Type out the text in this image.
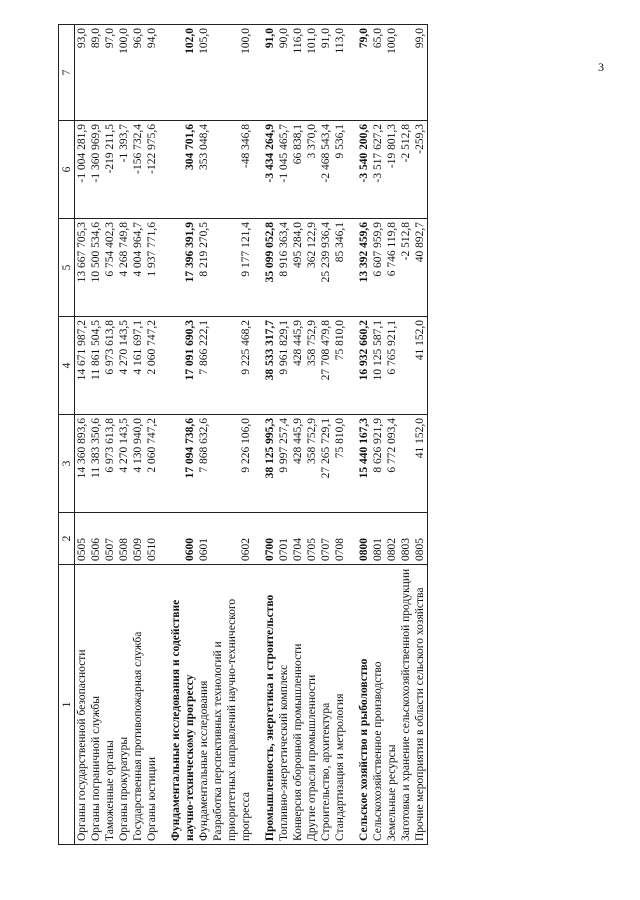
3
1	2	3	4	5	6	7
Органы государственной безопасности	0505	14 360 893,6	14 671 987,2	13 667 705,3	-1 004 281,9	93,0
Органы пограничной службы	0506	11 383 350,6	11 861 504,5	10 500 534,6	-1 360 969,9	89,0
Таможенные органы	0507	6 973 613,8	6 973 613,8	6 754 402,3	-219 211,5	97,0
Органы прокуратуры	0508	4 270 143,5	4 270 143,5	4 268 749,8	-1 393,7	100,0
Государственная противопожарная служба	0509	4 130 940,0	4 161 697,1	4 004 964,7	-156 732,4	96,0
Органы юстиции	0510	2 060 747,2	2 060 747,2	1 937 771,6	-122 975,6	94,0

Фундаментальные исследования и содействие научно-техническому прогрессу	0600	17 094 738,6	17 091 690,3	17 396 391,9	304 701,6	102,0
Фундаментальные исследования	0601	7 868 632,6	7 866 222,1	8 219 270,5	353 048,4	105,0
Разработка перспективных технологий и приоритетных направлений научно-технического прогресса	0602	9 226 106,0	9 225 468,2	9 177 121,4	-48 346,8	100,0

Промышленность, энергетика и строительство	0700	38 125 995,3	38 533 317,7	35 099 052,8	-3 434 264,9	91,0
Топливно-энергетический комплекс	0701	9 997 257,4	9 961 829,1	8 916 363,4	-1 045 465,7	90,0
Конверсия оборонной промышленности	0704	428 445,9	428 445,9	495 284,0	66 838,1	116,0
Другие отрасли промышленности	0705	358 752,9	358 752,9	362 122,9	3 370,0	101,0
Строительство, архитектура	0707	27 265 729,1	27 708 479,8	25 239 936,4	-2 468 543,4	91,0
Стандартизация и метрология	0708	75 810,0	75 810,0	85 346,1	9 536,1	113,0

Сельское хозяйство и рыболовство	0800	15 440 167,3	16 932 660,2	13 392 459,6	-3 540 200,6	79,0
Сельскохозяйственное производство	0801	8 626 921,9	10 125 587,1	6 607 959,9	-3 517 627,2	65,0
Земельные ресурсы	0802	6 772 093,4	6 765 921,1	6 746 119,8	-19 801,3	100,0
Заготовка и хранение сельскохозяйственной продукции	0803			-2 512,8	-2 512,8	
Прочие мероприятия в области сельского хозяйства	0805	41 152,0	41 152,0	40 892,7	-259,3	99,0
